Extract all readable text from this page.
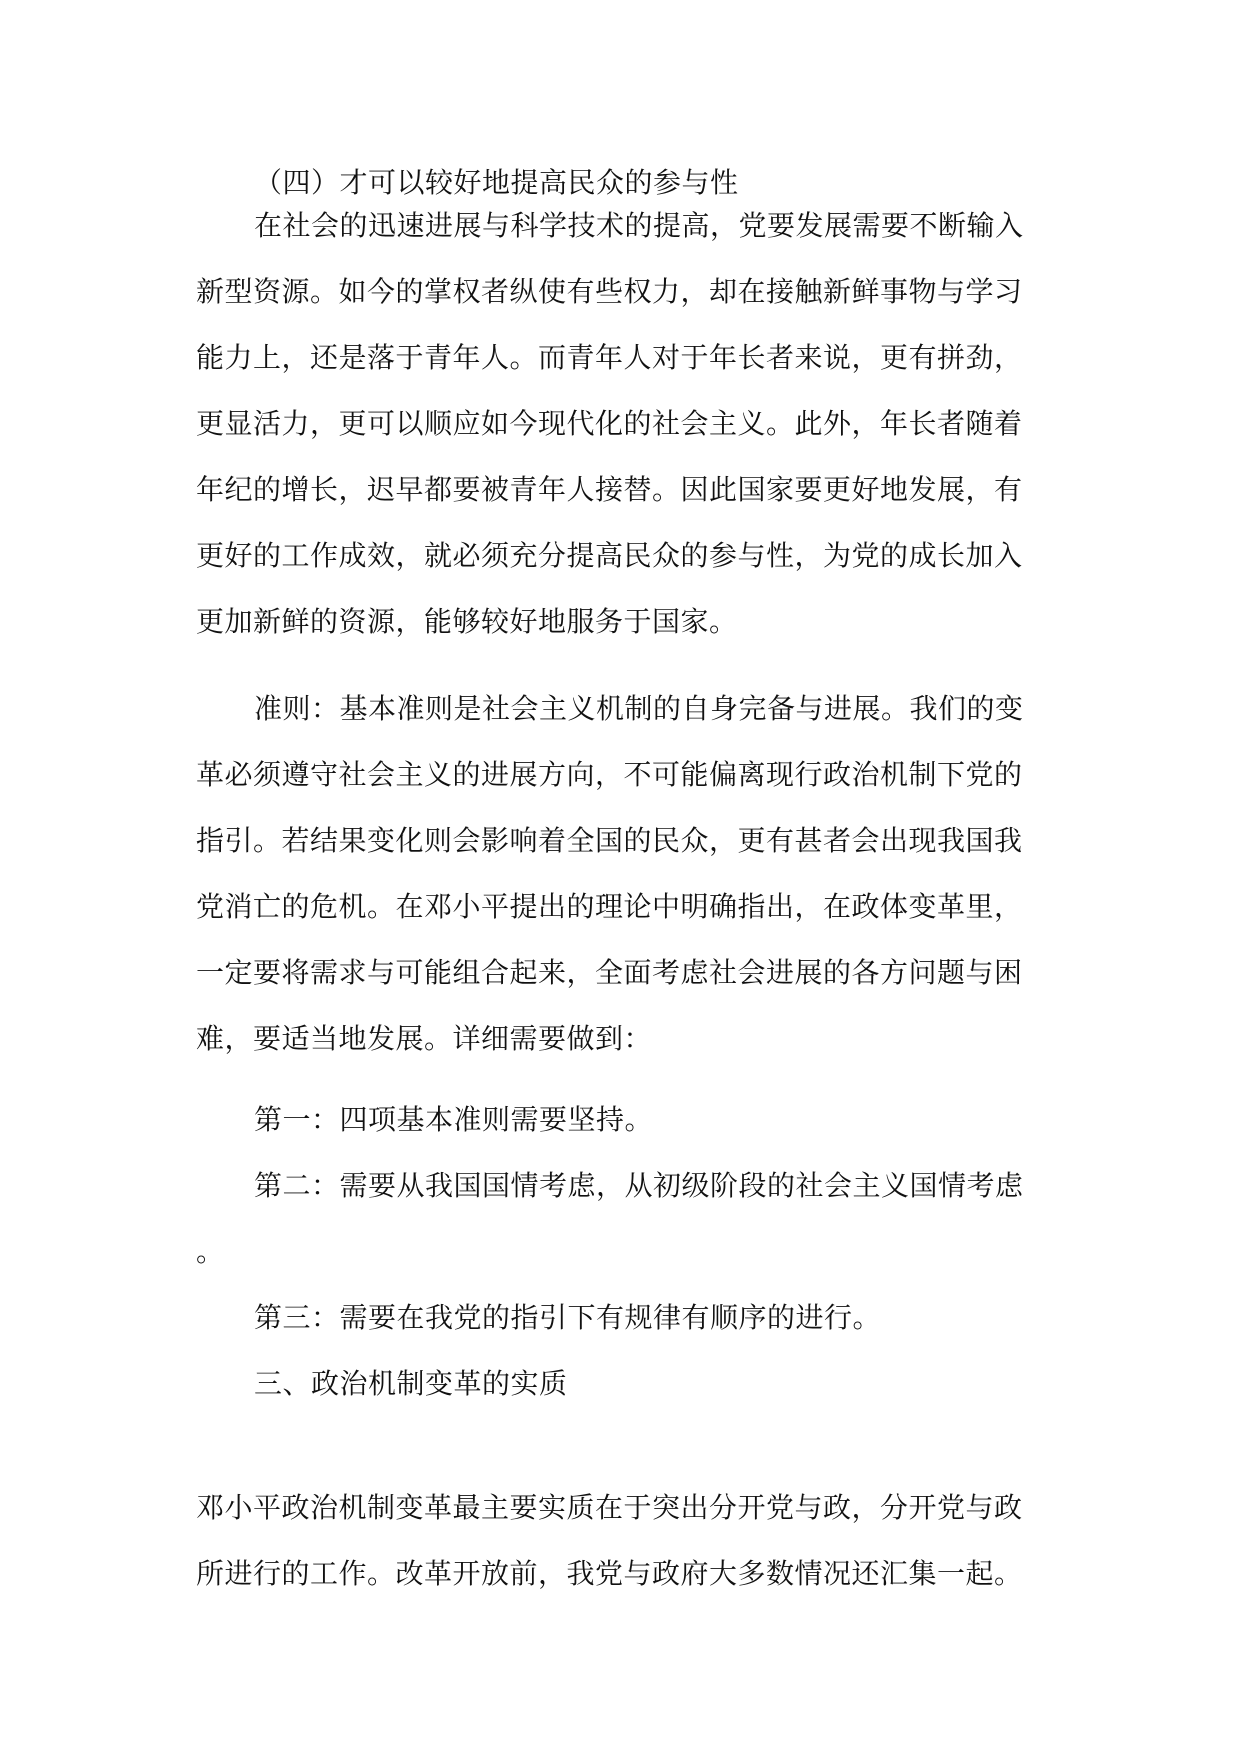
（四）才可以较好地提高民众的参与性

在社会的迅速进展与科学技术的提高，党要发展需要不断输入
新型资源。如今的掌权者纵使有些权力，却在接触新鲜事物与学习
能力上，还是落于青年人。而青年人对于年长者来说，更有拼劲，
更显活力，更可以顺应如今现代化的社会主义。此外，年长者随着
年纪的增长，迟早都要被青年人接替。因此国家要更好地发展，有
更好的工作成效，就必须充分提高民众的参与性，为党的成长加入
更加新鲜的资源，能够较好地服务于国家。
准则：基本准则是社会主义机制的自身完备与进展。我们的变
革必须遵守社会主义的进展方向，不可能偏离现行政治机制下党的
指引。若结果变化则会影响着全国的民众，更有甚者会出现我国我
党消亡的危机。在邓小平提出的理论中明确指出，在政体变革里，
一定要将需求与可能组合起来，全面考虑社会进展的各方问题与困
难，要适当地发展。详细需要做到：
第一：四项基本准则需要坚持。
第二：需要从我国国情考虑，从初级阶段的社会主义国情考虑
。
第三：需要在我党的指引下有规律有顺序的进行。
三、政治机制变革的实质
邓小平政治机制变革最主要实质在于突出分开党与政，分开党与政
所进行的工作。改革开放前，我党与政府大多数情况还汇集一起。
